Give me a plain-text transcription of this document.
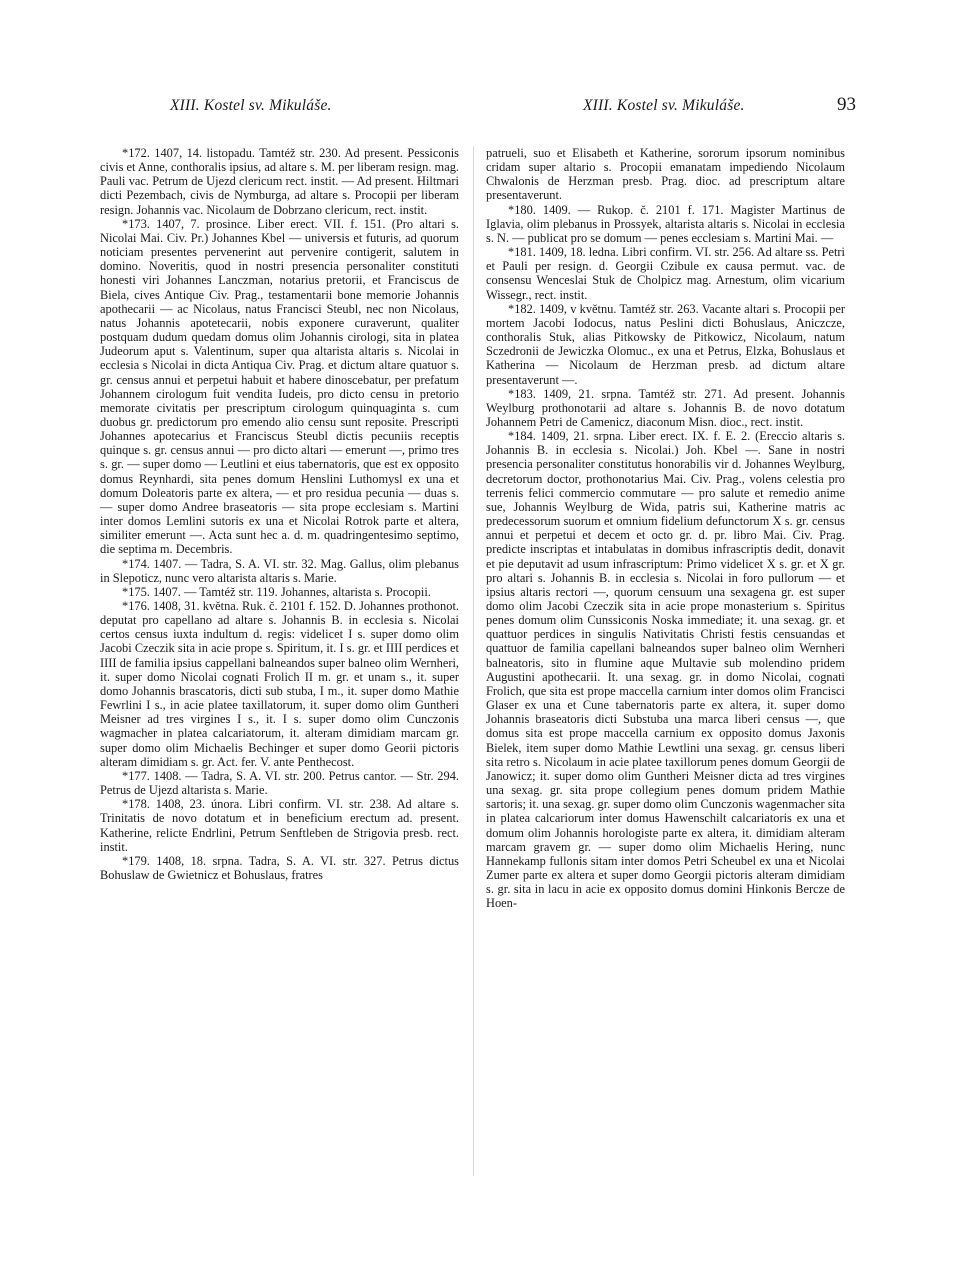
XIII. Kostel sv. Mikuláše.	XIII. Kostel sv. Mikuláše.	93

*172. 1407, 14. listopadu. Tamtéž str. 230. Ad present. Pessiconis civis et Anne, conthoralis ipsius, ad altare s. M. per liberam resign. mag. Pauli vac. Petrum de Ujezd clericum rect. instit. — Ad present. Hiltmari dicti Pezembach, civis de Nymburga, ad altare s. Procopii per liberam resign. Johannis vac. Nicolaum de Dobrzano clericum, rect. instit.

*173. 1407, 7. prosince. Liber erect. VII. f. 151. (Pro altari s. Nicolai Mai. Civ. Pr.) Johannes Kbel — universis et futuris, ad quorum noticiam presentes pervenerint aut pervenire contigerit, salutem in domino. Noveritis, quod in nostri presencia personaliter constituti honesti viri Johannes Lanczman, notarius pretorii, et Franciscus de Biela, cives Antique Civ. Prag., testamentarii bone memorie Johannis apothecarii — ac Nicolaus, natus Francisci Steubl, nec non Nicolaus, natus Johannis apotetecarii, nobis exponere curaverunt, qualiter postquam dudum quedam domus olim Johannis cirologi, sita in platea Judeorum aput s. Valentinum, super qua altarista altaris s. Nicolai in ecclesia s Nicolai in dicta Antiqua Civ. Prag. et dictum altare quatuor s. gr. census annui et perpetui habuit et habere dinoscebatur, per prefatum Johannem cirologum fuit vendita Iudeis, pro dicto censu in pretorio memorate civitatis per prescriptum cirologum quinquaginta s. cum duobus gr. predictorum pro emendo alio censu sunt reposite. Prescripti Johannes apotecarius et Franciscus Steubl dictis pecuniis receptis quinque s. gr. census annui — pro dicto altari — emerunt —, primo tres s. gr. — super domo — Leutlini et eius tabernatoris, que est ex opposito domus Reynhardi, sita penes domum Henslini Luthomysl ex una et domum Doleatoris parte ex altera, — et pro residua pecunia — duas s. — super domo Andree braseatoris — sita prope ecclesiam s. Martini inter domos Lemlini sutoris ex una et Nicolai Rotrok parte et altera, similiter emerunt —. Acta sunt hec a. d. m. quadringentesimo septimo, die septima m. Decembris.

*174. 1407. — Tadra, S. A. VI. str. 32. Mag. Gallus, olim plebanus in Slepoticz, nunc vero altarista altaris s. Marie.

*175. 1407. — Tamtéž str. 119. Johannes, altarista s. Procopii.

*176. 1408, 31. května. Ruk. č. 2101 f. 152. D. Johannes prothonot. deputat pro capellano ad altare s. Johannis B. in ecclesia s. Nicolai certos census iuxta indultum d. regis: videlicet I s. super domo olim Jacobi Czeczik sita in acie prope s. Spiritum, it. I s. gr. et IIII perdices et IIII de familia ipsius cappellani balneandos super balneo olim Wernheri, it. super domo Nicolai cognati Frolich II m. gr. et unam s., it. super domo Johannis brascatoris, dicti sub stuba, I m., it. super domo Mathie Fewrlini I s., in acie platee taxillatorum, it. super domo olim Guntheri Meisner ad tres virgines I s., it. I s. super domo olim Cunczonis wagmacher in platea calcariatorum, it. alteram dimidiam marcam gr. super domo olim Michaelis Bechinger et super domo Georii pictoris alteram dimidiam s. gr. Act. fer. V. ante Penthecost.

*177. 1408. — Tadra, S. A. VI. str. 200. Petrus cantor. — Str. 294. Petrus de Ujezd altarista s. Marie.

*178. 1408, 23. února. Libri confirm. VI. str. 238. Ad altare s. Trinitatis de novo dotatum et in beneficium erectum ad. present. Katherine, relicte Endrlini, Petrum Senftleben de Strigovia presb. rect. instit.

*179. 1408, 18. srpna. Tadra, S. A. VI. str. 327. Petrus dictus Bohuslaw de Gwietnicz et Bohuslaus, fratres

patrueli, suo et Elisabeth et Katherine, sororum ipsorum nominibus cridam super altario s. Procopii emanatam impediendo Nicolaum Chwalonis de Herzman presb. Prag. dioc. ad prescriptum altare presentaverunt.

*180. 1409. — Rukop. č. 2101 f. 171. Magister Martinus de Iglavia, olim plebanus in Prossyek, altarista altaris s. Nicolai in ecclesia s. N. — publicat pro se domum — penes ecclesiam s. Martini Mai. —

*181. 1409, 18. ledna. Libri confirm. VI. str. 256. Ad altare ss. Petri et Pauli per resign. d. Georgii Czibule ex causa permut. vac. de consensu Wenceslai Stuk de Cholpicz mag. Arnestum, olim vicarium Wissegr., rect. instit.

*182. 1409, v květnu. Tamtéž str. 263. Vacante altari s. Procopii per mortem Jacobi Iodocus, natus Peslini dicti Bohuslaus, Aniczcze, conthoralis Stuk, alias Pitkowsky de Pitkowicz, Nicolaum, natum Sczedronii de Jewiczka Olomuc., ex una et Petrus, Elzka, Bohuslaus et Katherina — Nicolaum de Herzman presb. ad dictum altare presentaverunt —.

*183. 1409, 21. srpna. Tamtéž str. 271. Ad present. Johannis Weylburg prothonotarii ad altare s. Johannis B. de novo dotatum Johannem Petri de Camenicz, diaconum Misn. dioc., rect. instit.

*184. 1409, 21. srpna. Liber erect. IX. f. E. 2. (Ereccio altaris s. Johannis B. in ecclesia s. Nicolai.) Joh. Kbel —. Sane in nostri presencia personaliter constitutus honorabilis vir d. Johannes Weylburg, decretorum doctor, prothonotarius Mai. Civ. Prag., volens celestia pro terrenis felici commercio commutare — pro salute et remedio anime sue, Johannis Weylburg de Wida, patris sui, Katherine matris ac predecessorum suorum et omnium fidelium defunctorum X s. gr. census annui et perpetui et decem et octo gr. d. pr. libro Mai. Civ. Prag. predicte inscriptas et intabulatas in domibus infrascriptis dedit, donavit et pie deputavit ad usum infrascriptum: Primo videlicet X s. gr. et X gr. pro altari s. Johannis B. in ecclesia s. Nicolai in foro pullorum — et ipsius altaris rectori —, quorum censuum una sexagena gr. est super domo olim Jacobi Czeczik sita in acie prope monasterium s. Spiritus penes domum olim Cunssiconis Noska immediate; it. una sexag. gr. et quattuor perdices in singulis Nativitatis Christi festis censuandas et quattuor de familia capellani balneandos super balneo olim Wernheri balneatoris, sito in flumine aque Multavie sub molendino pridem Augustini apothecarii. It. una sexag. gr. in domo Nicolai, cognati Frolich, que sita est prope maccella carnium inter domos olim Francisci Glaser ex una et Cune tabernatoris parte ex altera, it. super domo Johannis braseatoris dicti Substuba una marca liberi census —, que domus sita est prope maccella carnium ex opposito domus Jaxonis Bielek, item super domo Mathie Lewtlini una sexag. gr. census liberi sita retro s. Nicolaum in acie platee taxillorum penes domum Georgii de Janowicz; it. super domo olim Guntheri Meisner dicta ad tres virgines una sexag. gr. sita prope collegium penes domum pridem Mathie sartoris; it. una sexag. gr. super domo olim Cunczonis wagenmacher sita in platea calcariorum inter domus Hawenschilt calcariatoris ex una et domum olim Johannis horologiste parte ex altera, it. dimidiam alteram marcam gravem gr. — super domo olim Michaelis Hering, nunc Hannekamp fullonis sitam inter domos Petri Scheubel ex una et Nicolai Zumer parte ex altera et super domo Georgii pictoris alteram dimidiam s. gr. sita in lacu in acie ex opposito domus domini Hinkonis Bercze de Hoen-
